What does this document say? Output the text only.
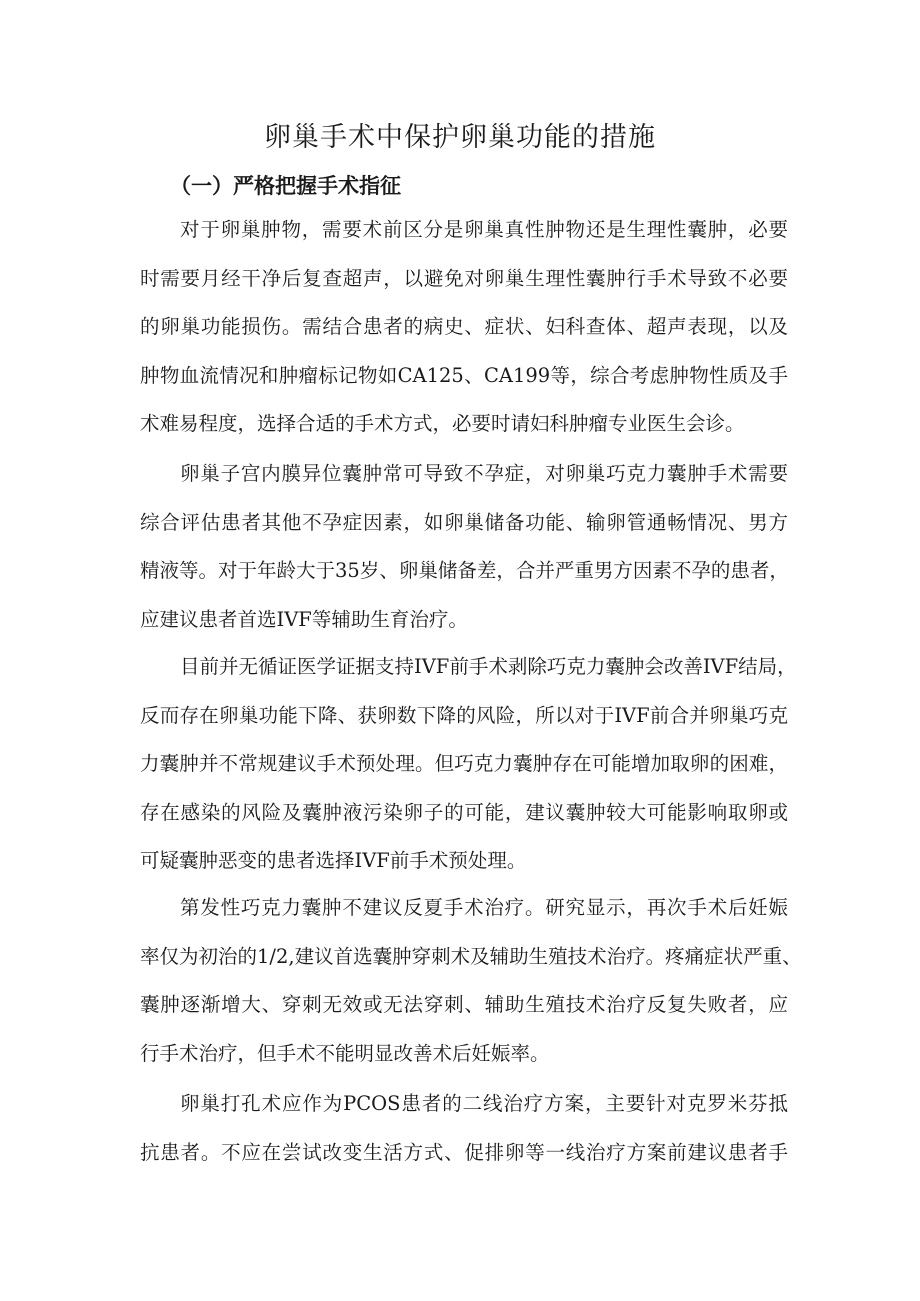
卵巢手术中保护卵巢功能的措施
（一）严格把握手术指征

对于卵巢肿物，需要术前区分是卵巢真性肿物还是生理性囊肿，必要
时需要月经干净后复查超声，以避免对卵巢生理性囊肿行手术导致不必要
的卵巢功能损伤。需结合患者的病史、症状、妇科查体、超声表现，以及
肿物血流情况和肿瘤标记物如CA125、CA199等，综合考虑肿物性质及手
术难易程度，选择合适的手术方式，必要时请妇科肿瘤专业医生会诊。

卵巢子宫内膜异位囊肿常可导致不孕症，对卵巢巧克力囊肿手术需要
综合评估患者其他不孕症因素，如卵巢储备功能、输卵管通畅情况、男方
精液等。对于年龄大于35岁、卵巢储备差，合并严重男方因素不孕的患者，
应建议患者首选IVF等辅助生育治疗。

目前并无循证医学证据支持IVF前手术剥除巧克力囊肿会改善IVF结局，
反而存在卵巢功能下降、获卵数下降的风险，所以对于IVF前合并卵巢巧克
力囊肿并不常规建议手术预处理。但巧克力囊肿存在可能增加取卵的困难，
存在感染的风险及囊肿液污染卵子的可能，建议囊肿较大可能影响取卵或
可疑囊肿恶变的患者选择IVF前手术预处理。

第发性巧克力囊肿不建议反夏手术治疗。研究显示，再次手术后妊娠
率仅为初治的1/2,建议首选囊肿穿刺术及辅助生殖技术治疗。疼痛症状严重、
囊肿逐渐增大、穿刺无效或无法穿刺、辅助生殖技术治疗反复失败者，应
行手术治疗，但手术不能明显改善术后妊娠率。

卵巢打孔术应作为PCOS患者的二线治疗方案，主要针对克罗米芬抵
抗患者。不应在尝试改变生活方式、促排卵等一线治疗方案前建议患者手
